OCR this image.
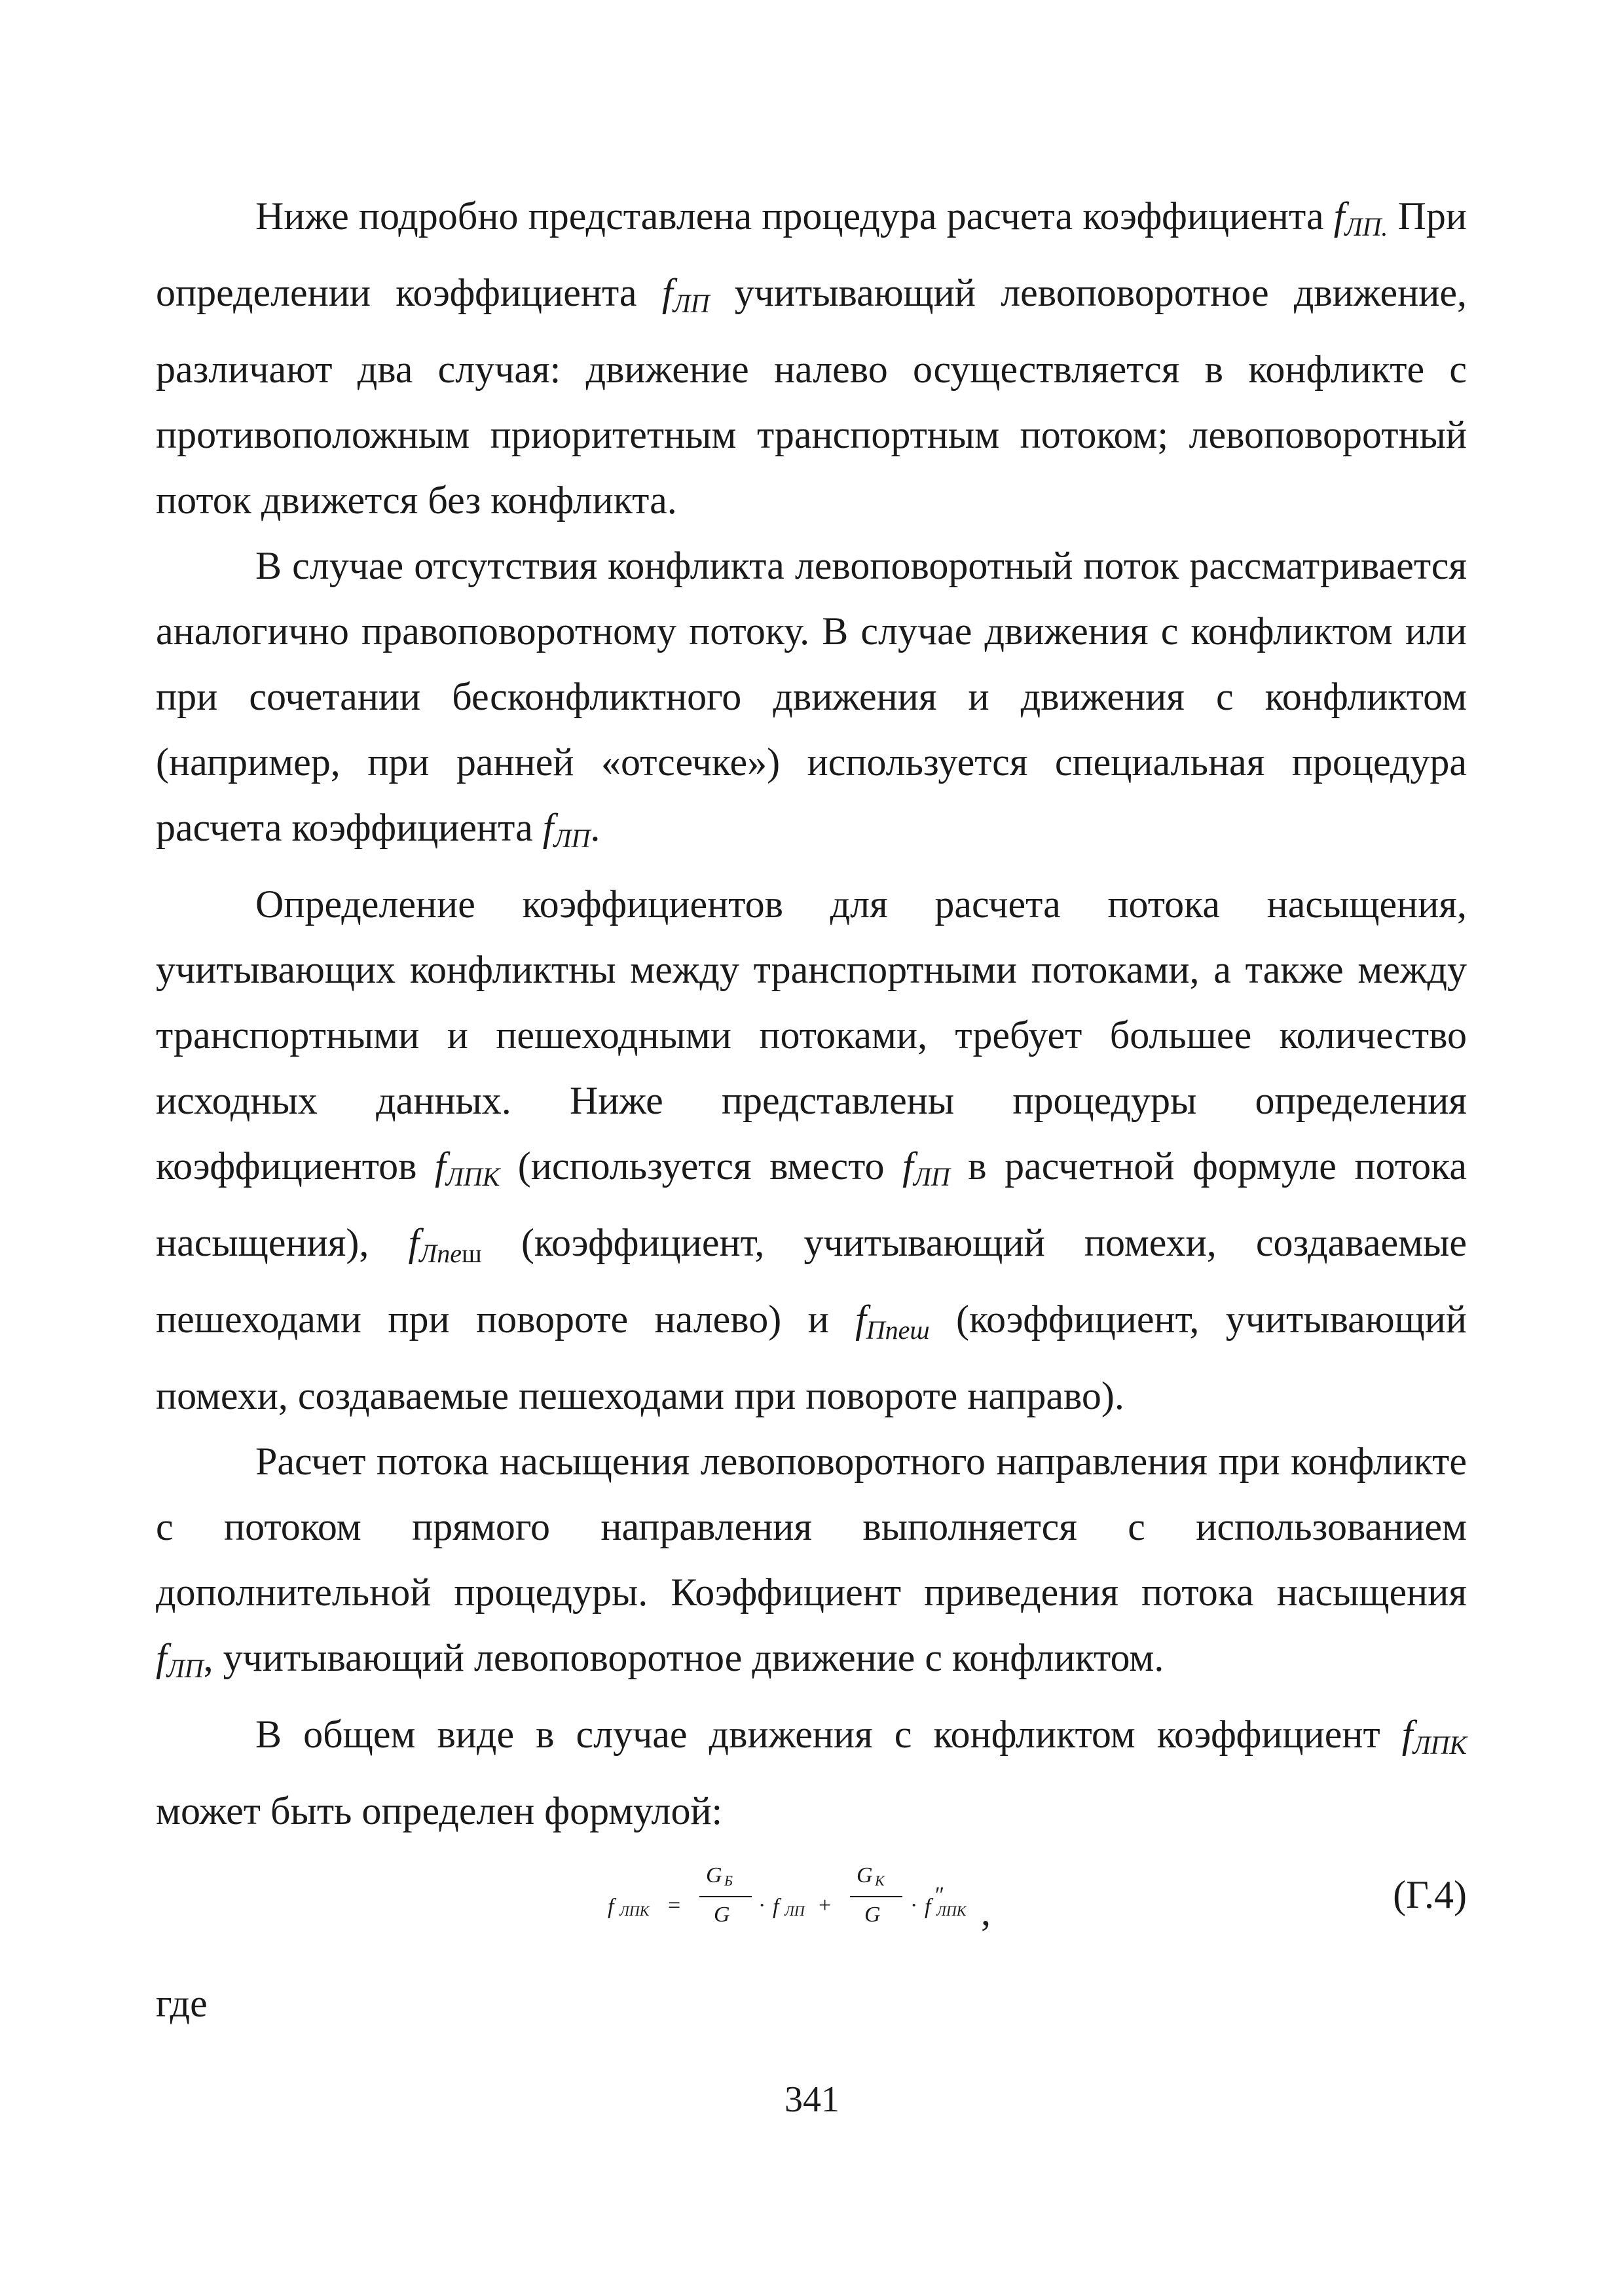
Ниже подробно представлена процедура расчета коэффициента $f_{ЛП.}$ При определении коэффициента $f_{ЛП}$ учитывающий левоповоротное движение, различают два случая: движение налево осуществляется в конфликте с противоположным приоритетным транспортным потоком; левоповоротный поток движется без конфликта.

В случае отсутствия конфликта левоповоротный поток рассматривается аналогично правоповоротному потоку. В случае движения с конфликтом или при сочетании бесконфликтного движения и движения с конфликтом (например, при ранней «отсечке») используется специальная процедура расчета коэффициента $f_{ЛП}$.

Определение коэффициентов для расчета потока насыщения, учитывающих конфликтны между транспортными потоками, а также между транспортными и пешеходными потоками, требует большее количество исходных данных. Ниже представлены процедуры определения коэффициентов $f_{ЛПК}$ (используется вместо $f_{ЛП}$ в расчетной формуле потока насыщения), $f_{Лпе}ш$ (коэффициент, учитывающий помехи, создаваемые пешеходами при повороте налево) и $f_{Ппеш}$ (коэффициент, учитывающий помехи, создаваемые пешеходами при повороте направо).

Расчет потока насыщения левоповоротного направления при конфликте с потоком прямого направления выполняется с использованием дополнительной процедуры. Коэффициент приведения потока насыщения $f_{ЛП}$, учитывающий левоповоротное движение с конфликтом.

В общем виде в случае движения с конфликтом коэффициент $f_{ЛПК}$ может быть определен формулой:

f ЛПК =
G Б
G · f ЛП +
G К
G · f ″
ЛПК ,	(Г.4)
где
341
